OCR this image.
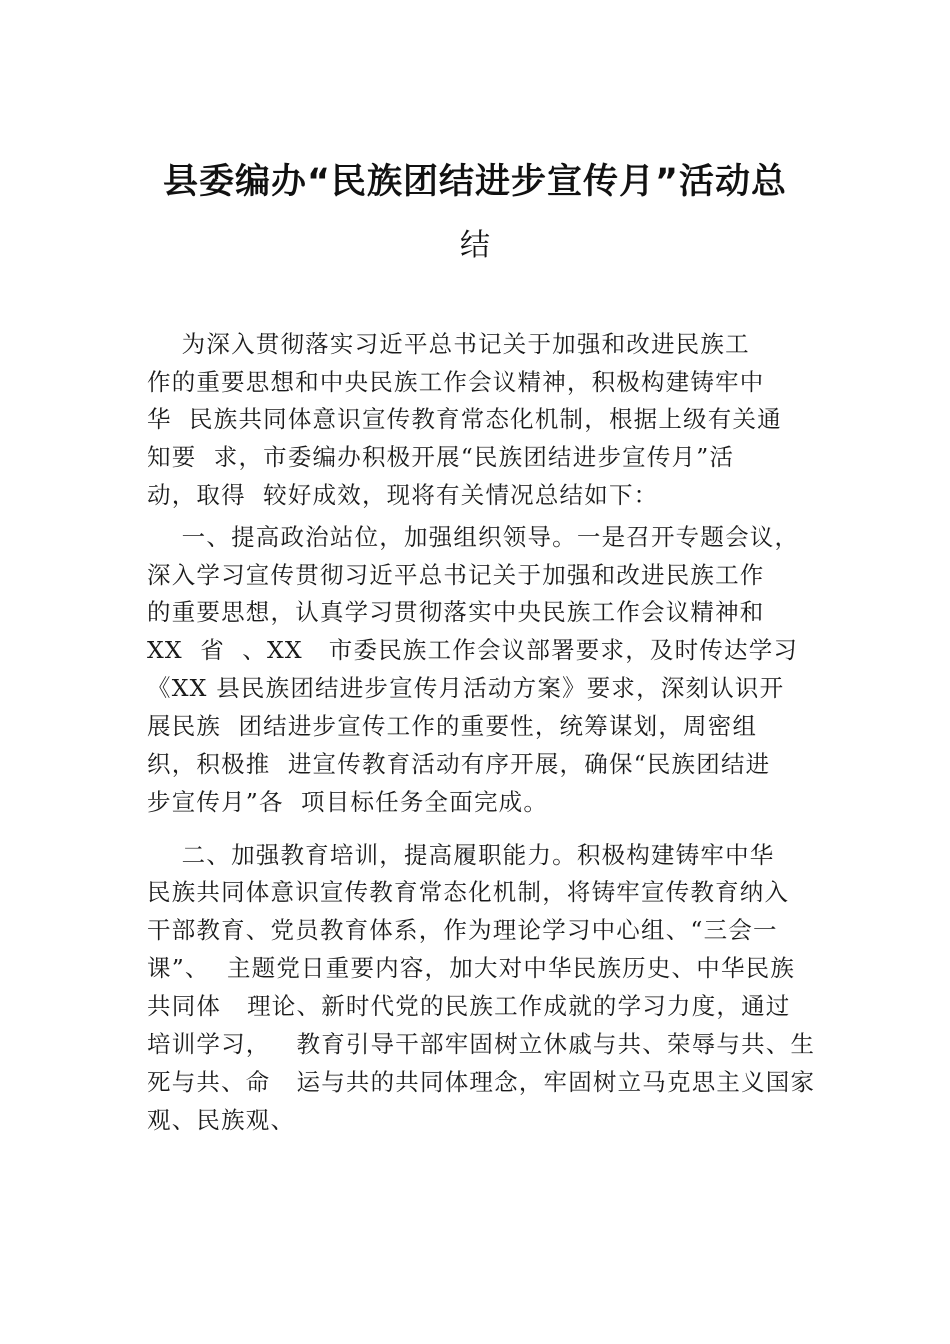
县委编办“民族团结进步宣传月”活动总
结
为深入贯彻落实习近平总书记关于加强和改进民族工
作的重要思想和中央民族工作会议精神，积极构建铸牢中
华  民族共同体意识宣传教育常态化机制，根据上级有关通
知要  求，市委编办积极开展“民族团结进步宣传月”活
动，取得  较好成效，现将有关情况总结如下：
一、提高政治站位，加强组织领导。一是召开专题会议，
深入学习宣传贯彻习近平总书记关于加强和改进民族工作
的重要思想，认真学习贯彻落实中央民族工作会议精神和
XX  省  、XX   市委民族工作会议部署要求，及时传达学习
《XX 县民族团结进步宣传月活动方案》要求，深刻认识开
展民族  团结进步宣传工作的重要性，统筹谋划，周密组
织，积极推  进宣传教育活动有序开展，确保“民族团结进
步宣传月”各  项目标任务全面完成。
二、加强教育培训，提高履职能力。积极构建铸牢中华
民族共同体意识宣传教育常态化机制，将铸牢宣传教育纳入
干部教育、党员教育体系，作为理论学习中心组、“三会一
课”、  主题党日重要内容，加大对中华民族历史、中华民族
共同体   理论、新时代党的民族工作成就的学习力度，通过
培训学习，   教育引导干部牢固树立休戚与共、荣辱与共、生
死与共、命   运与共的共同体理念，牢固树立马克思主义国家
观、民族观、
